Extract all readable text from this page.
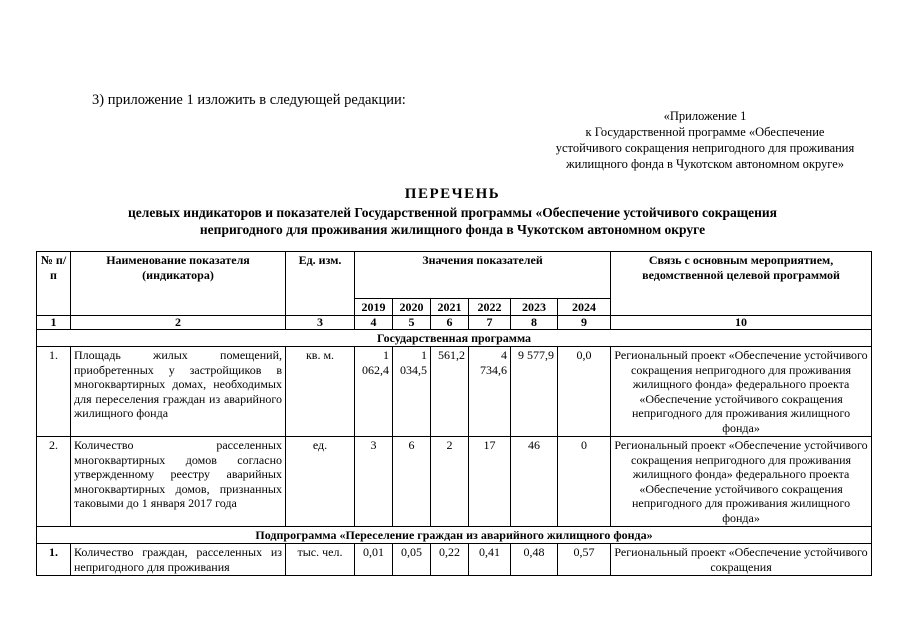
3) приложение 1 изложить в следующей редакции:
«Приложение 1
к Государственной программе «Обеспечение
устойчивого сокращения непригодного для проживания
жилищного фонда в Чукотском автономном округе»
ПЕРЕЧЕНЬ
целевых индикаторов и показателей Государственной программы «Обеспечение устойчивого сокращения
непригодного для проживания жилищного фонда в Чукотском автономном округе
№ п/п	Наименование показателя (индикатора)	Ед. изм.	Значения показателей						Связь с основным мероприятием, ведомственной целевой программой
			2019	2020	2021	2022	2023	2024	
1	2	3	4	5	6	7	8	9	10
Государственная программа									
1.	Площадь жилых помещений, приобретенных у застройщиков в многоквартирных домах, необходимых для переселения граждан из аварийного жилищного фонда	кв. м.	1 062,4	1 034,5	561,2	4 734,6	9 577,9	0,0	Региональный проект «Обеспечение устойчивого сокращения непригодного для проживания жилищного фонда» федерального проекта «Обеспечение устойчивого сокращения непригодного для проживания жилищного фонда»
2.	Количество расселенных многоквартирных домов согласно утвержденному реестру аварийных многоквартирных домов, признанных таковыми до 1 января 2017 года	ед.	3	6	2	17	46	0	Региональный проект «Обеспечение устойчивого сокращения непригодного для проживания жилищного фонда» федерального проекта «Обеспечение устойчивого сокращения непригодного для проживания жилищного фонда»
Подпрограмма «Переселение граждан из аварийного жилищного фонда»									
1.	Количество граждан, расселенных из непригодного для проживания	тыс. чел.	0,01	0,05	0,22	0,41	0,48	0,57	Региональный проект «Обеспечение устойчивого сокращения
